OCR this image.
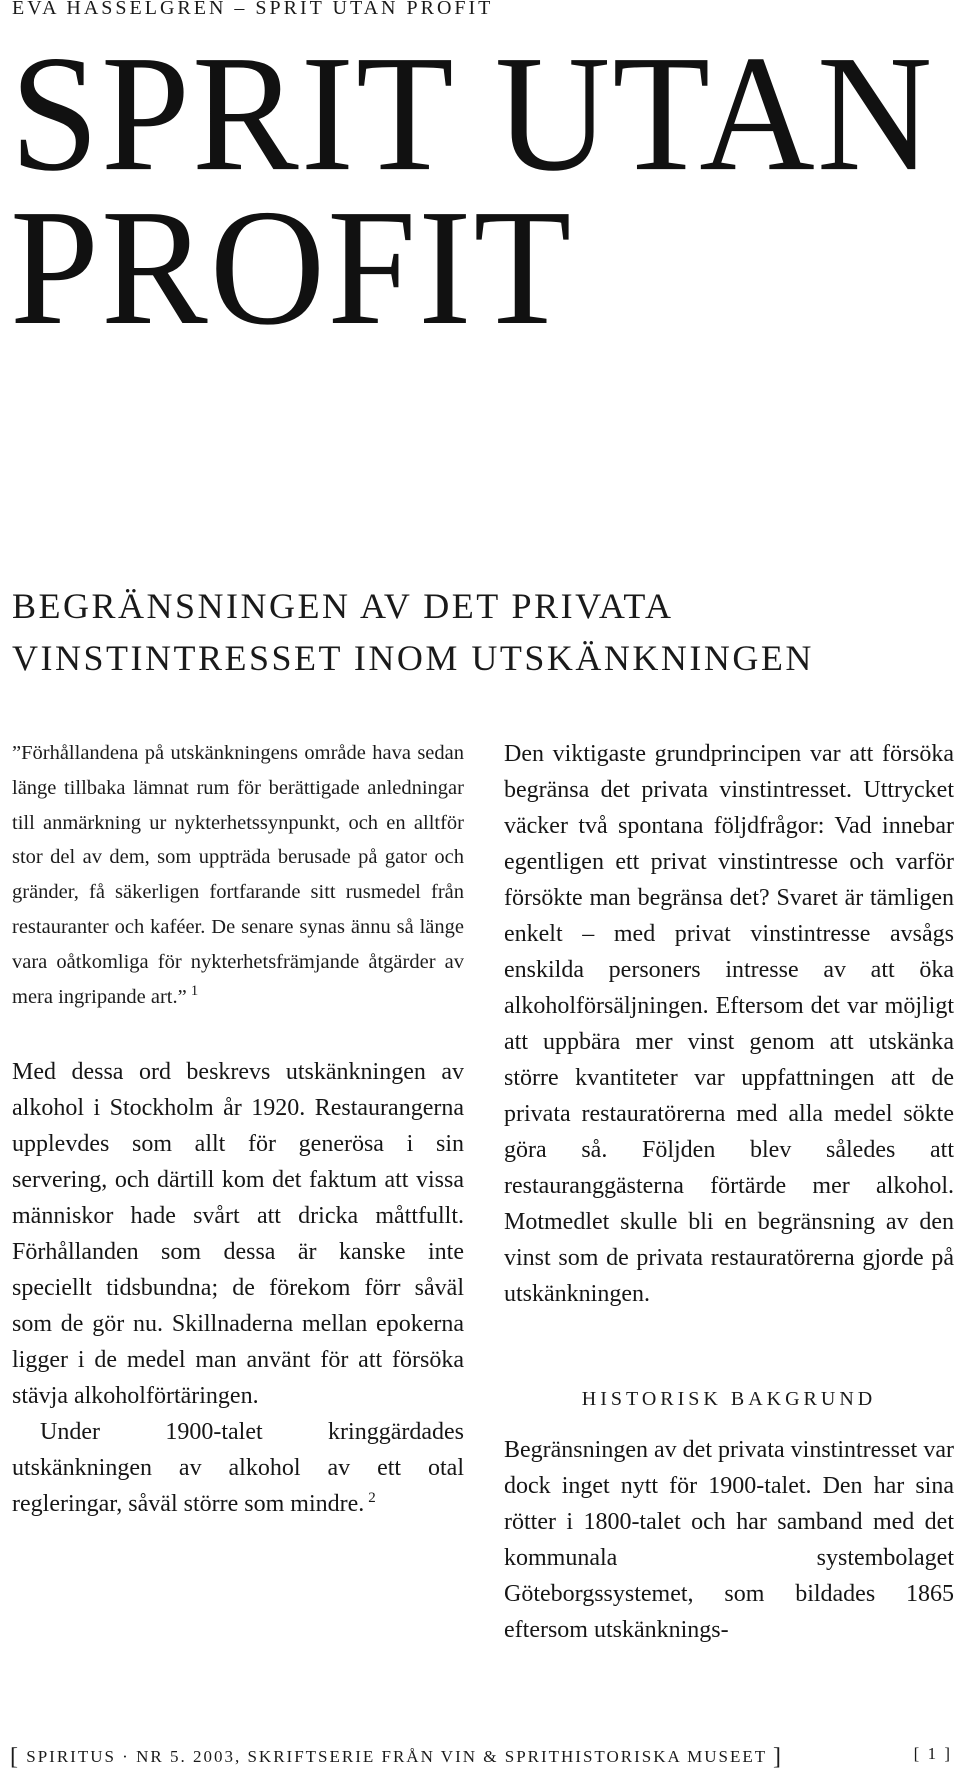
EVA HASSELGREN – SPRIT UTAN PROFIT
SPRIT UTAN
PROFIT
BEGRÄNSNINGEN AV DET PRIVATA
VINSTINTRESSET INOM UTSKÄNKNINGEN

”Förhållandena på utskänkningens område hava sedan länge tillbaka lämnat rum för berättigade anledningar till anmärkning ur nykterhetssynpunkt, och en alltför stor del av dem, som uppträda berusade på gator och gränder, få säkerligen fortfarande sitt rusmedel från restauranter och kaféer. De senare synas ännu så länge vara oåtkomliga för nykterhetsfrämjande åtgärder av mera ingripande art.” $^1$

Med dessa ord beskrevs utskänkningen av alkohol i Stockholm år 1920. Restaurangerna upplevdes som allt för generösa i sin servering, och därtill kom det faktum att vissa människor hade svårt att dricka måttfullt. Förhållanden som dessa är kanske inte speciellt tidsbundna; de förekom förr såväl som de gör nu. Skillnaderna mellan epokerna ligger i de medel man använt för att försöka stävja alkoholförtäringen.

Under 1900-talet kringgärdades utskänkningen av alkohol av ett otal regleringar, såväl större som mindre. $^2$

Den viktigaste grundprincipen var att försöka begränsa det privata vinstintresset. Uttrycket väcker två spontana följdfrågor: Vad innebar egentligen ett privat vinstintresse och varför försökte man begränsa det? Svaret är tämligen enkelt – med privat vinstintresse avsågs enskilda personers intresse av att öka alkoholförsäljningen. Eftersom det var möjligt att uppbära mer vinst genom att utskänka större kvantiteter var uppfattningen att de privata restauratörerna med alla medel sökte göra så. Följden blev således att restauranggästerna förtärde mer alkohol. Motmedlet skulle bli en begränsning av den vinst som de privata restauratörerna gjorde på utskänkningen.

HISTORISK BAKGRUND

Begränsningen av det privata vinstintresset var dock inget nytt för 1900-talet. Den har sina rötter i 1800-talet och har samband med det kommunala systembolaget Göteborgssystemet, som bildades 1865 eftersom utskänknings-

[ SPIRITUS · NR 5. 2003, SKRIFTSERIE FRÅN VIN & SPRITHISTORISKA MUSEET ]	[ 1 ]
